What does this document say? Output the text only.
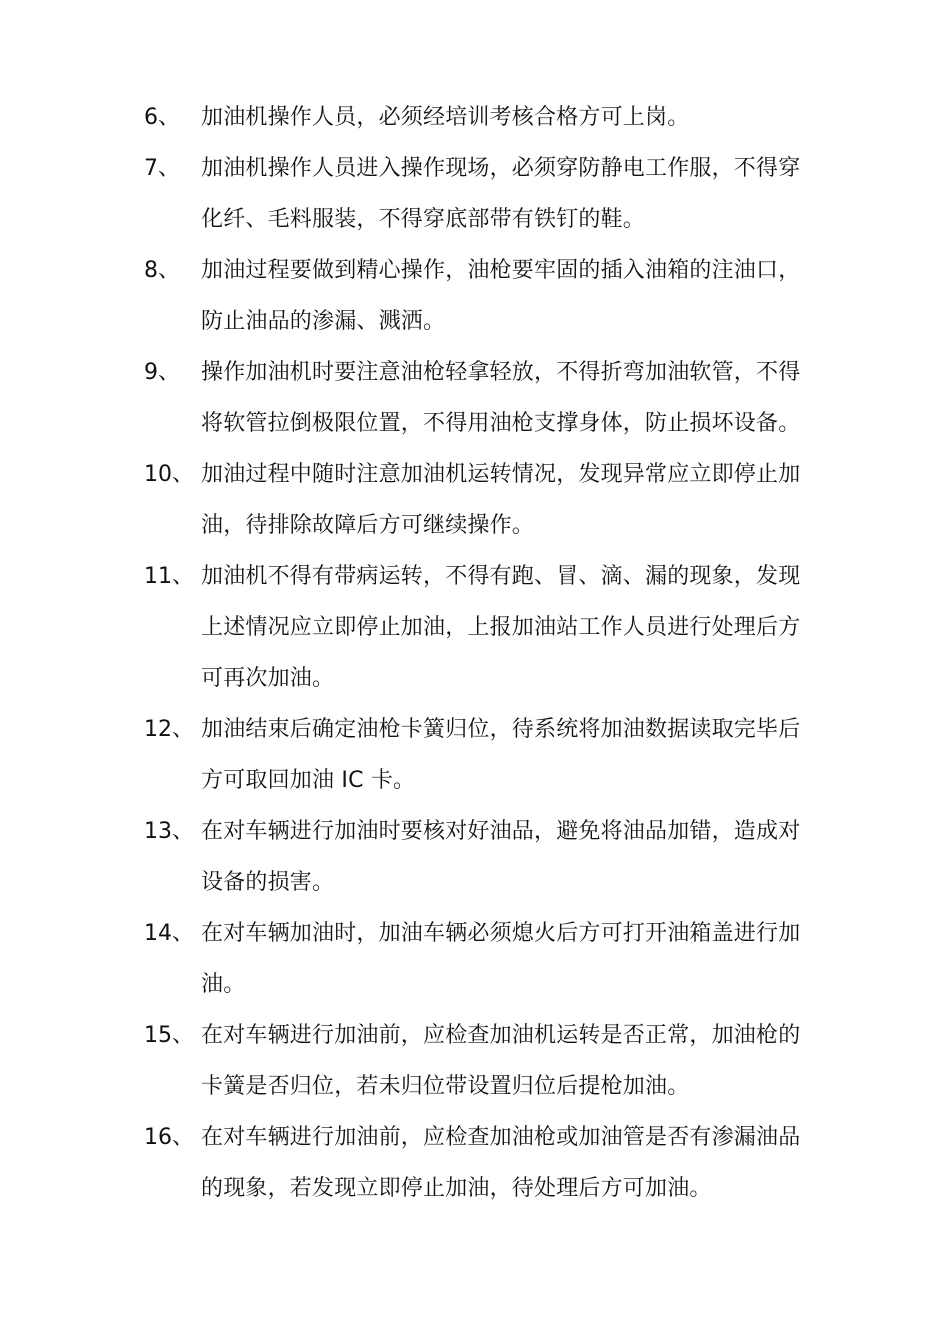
6、 加油机操作人员，必须经培训考核合格方可上岗。
7、 加油机操作人员进入操作现场，必须穿防静电工作服，不得穿
化纤、毛料服装，不得穿底部带有铁钉的鞋。
8、 加油过程要做到精心操作，油枪要牢固的插入油箱的注油口，
防止油品的渗漏、溅洒。
9、 操作加油机时要注意油枪轻拿轻放，不得折弯加油软管，不得
将软管拉倒极限位置，不得用油枪支撑身体，防止损坏设备。
10、 加油过程中随时注意加油机运转情况，发现异常应立即停止加
油，待排除故障后方可继续操作。
11、 加油机不得有带病运转，不得有跑、冒、滴、漏的现象，发现
上述情况应立即停止加油，上报加油站工作人员进行处理后方
可再次加油。
12、 加油结束后确定油枪卡簧归位，待系统将加油数据读取完毕后
方可取回加油 IC 卡。
13、 在对车辆进行加油时要核对好油品，避免将油品加错，造成对
设备的损害。
14、 在对车辆加油时，加油车辆必须熄火后方可打开油箱盖进行加
油。
15、 在对车辆进行加油前，应检查加油机运转是否正常，加油枪的
卡簧是否归位，若未归位带设置归位后提枪加油。
16、 在对车辆进行加油前，应检查加油枪或加油管是否有渗漏油品
的现象，若发现立即停止加油，待处理后方可加油。
